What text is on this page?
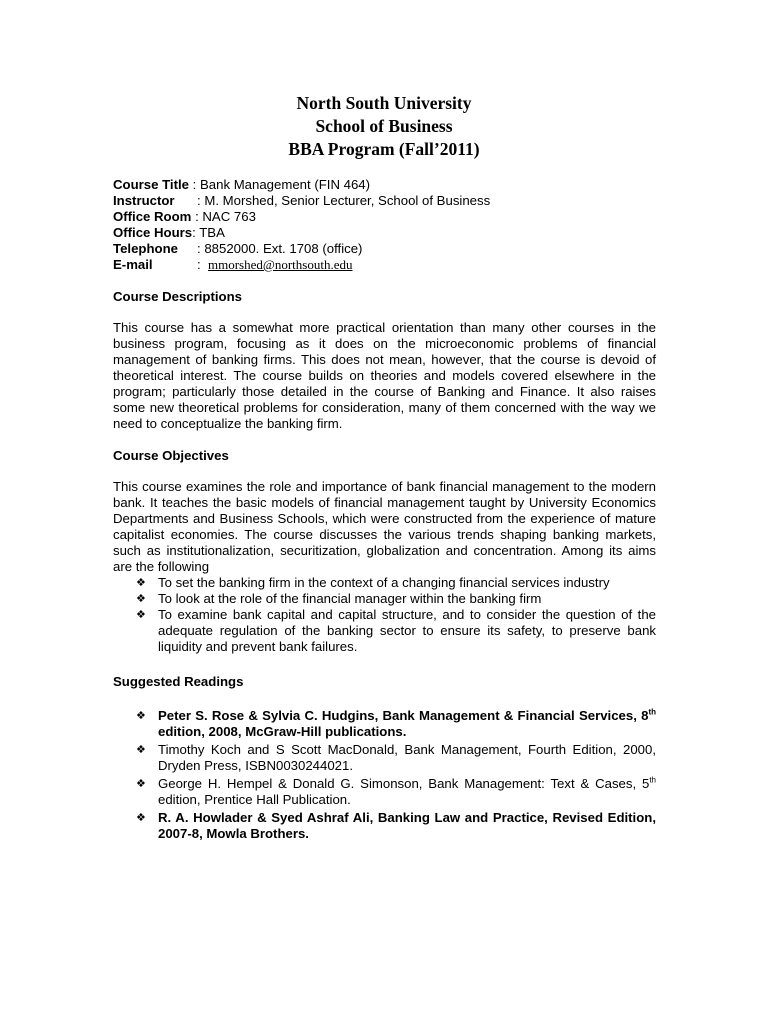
North South University
School of Business
BBA Program (Fall’2011)
Course Title : Bank Management (FIN 464)
Instructor : M. Morshed, Senior Lecturer, School of Business
Office Room : NAC 763
Office Hours: TBA
Telephone : 8852000. Ext. 1708 (office)
E-mail	:  mmorshed@northsouth.edu
Course Descriptions

This course has a somewhat more practical orientation than many other courses in the business program, focusing as it does on the microeconomic problems of financial management of banking firms. This does not mean, however, that the course is devoid of theoretical interest. The course builds on theories and models covered elsewhere in the program; particularly those detailed in the course of Banking and Finance. It also raises some new theoretical problems for consideration, many of them concerned with the way we need to conceptualize the banking firm.

Course Objectives

This course examines the role and importance of bank financial management to the modern bank. It teaches the basic models of financial management taught by University Economics Departments and Business Schools, which were constructed from the experience of mature capitalist economies. The course discusses the various trends shaping banking markets, such as institutionalization, securitization, globalization and concentration. Among its aims are the following

❖ To set the banking firm in the context of a changing financial services industry
❖ To look at the role of the financial manager within the banking firm
❖ To examine bank capital and capital structure, and to consider the question of the adequate regulation of the banking sector to ensure its safety, to preserve bank liquidity and prevent bank failures.
Suggested Readings
❖ Peter S. Rose & Sylvia C. Hudgins, Bank Management & Financial Services, 8th edition, 2008, McGraw-Hill publications.
❖ Timothy Koch and S Scott MacDonald, Bank Management, Fourth Edition, 2000, Dryden Press, ISBN0030244021.
❖ George H. Hempel & Donald G. Simonson, Bank Management: Text & Cases, 5th edition, Prentice Hall Publication.
❖ R. A. Howlader & Syed Ashraf Ali, Banking Law and Practice, Revised Edition, 2007-8, Mowla Brothers.
